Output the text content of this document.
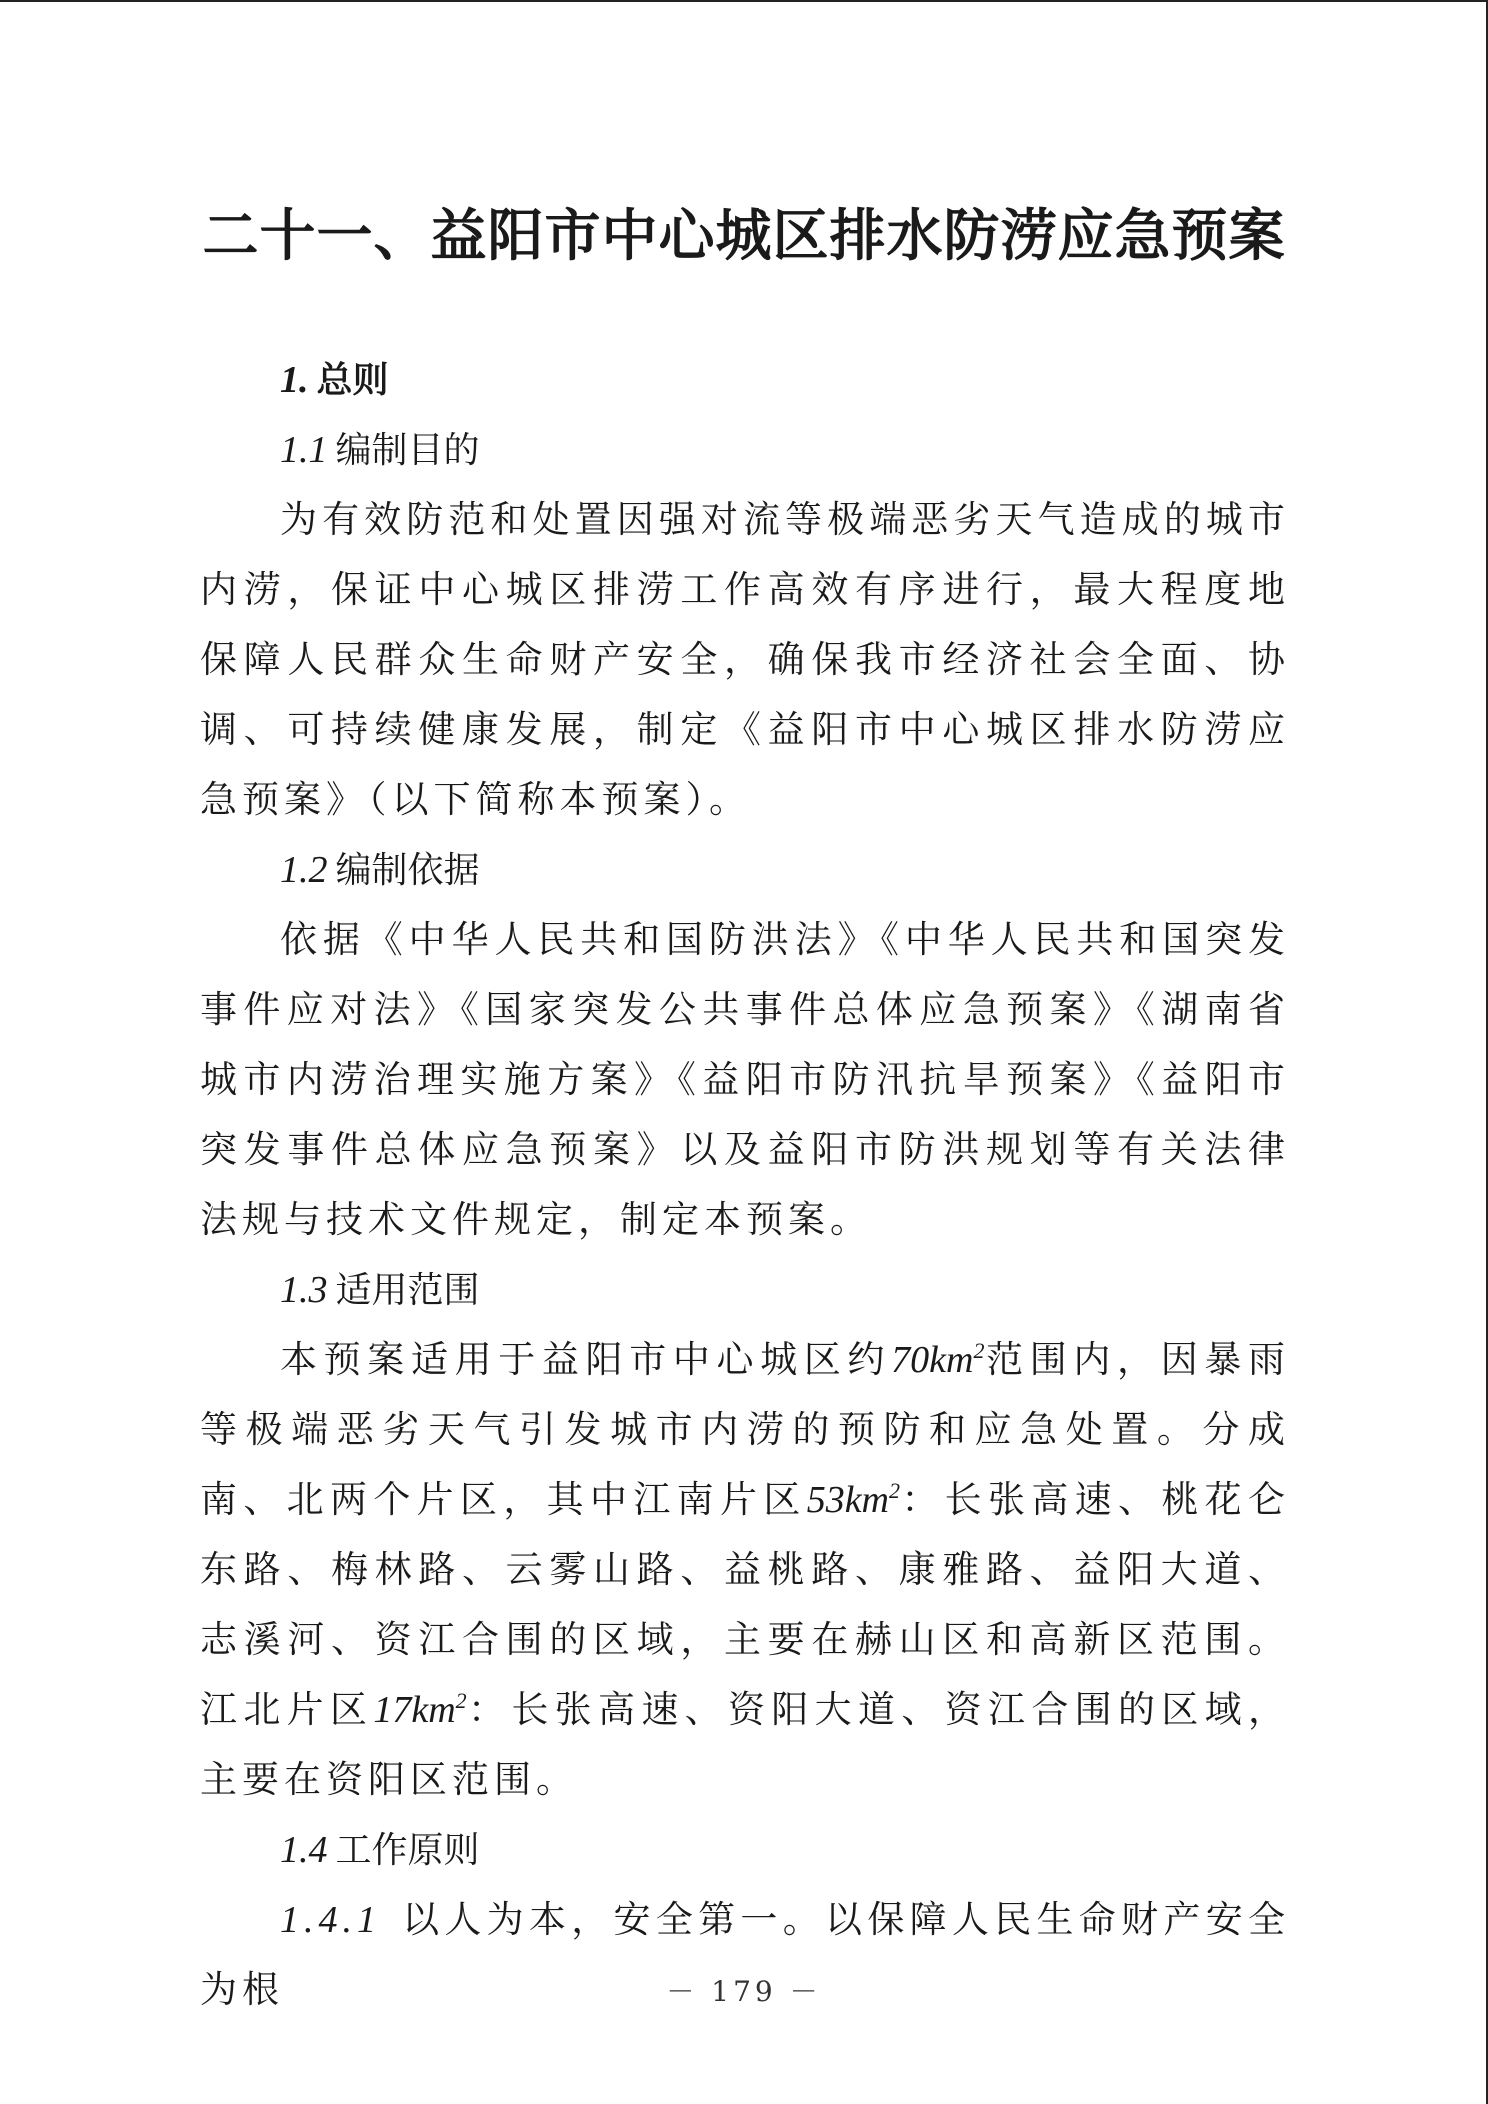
二十一、益阳市中心城区排水防涝应急预案
1. 总则
1.1 编制目的

为有效防范和处置因强对流等极端恶劣天气造成的城市内涝，保证中心城区排涝工作高效有序进行，最大程度地保障人民群众生命财产安全，确保我市经济社会全面、协调、可持续健康发展，制定《益阳市中心城区排水防涝应急预案》（以下简称本预案）。

1.2 编制依据

依据《中华人民共和国防洪法》《中华人民共和国突发事件应对法》《国家突发公共事件总体应急预案》《湖南省城市内涝治理实施方案》《益阳市防汛抗旱预案》《益阳市突发事件总体应急预案》以及益阳市防洪规划等有关法律法规与技术文件规定，制定本预案。

1.3 适用范围

本预案适用于益阳市中心城区约$70km^2$范围内，因暴雨等极端恶劣天气引发城市内涝的预防和应急处置。分成南、北两个片区，其中江南片区$53km^2$：长张高速、桃花仑东路、梅林路、云雾山路、益桃路、康雅路、益阳大道、志溪河、资江合围的区域，主要在赫山区和高新区范围。江北片区$17km^2$：长张高速、资阳大道、资江合围的区域，主要在资阳区范围。

1.4 工作原则

1.4.1 以人为本，安全第一。以保障人民生命财产安全为根	－ 179 －
